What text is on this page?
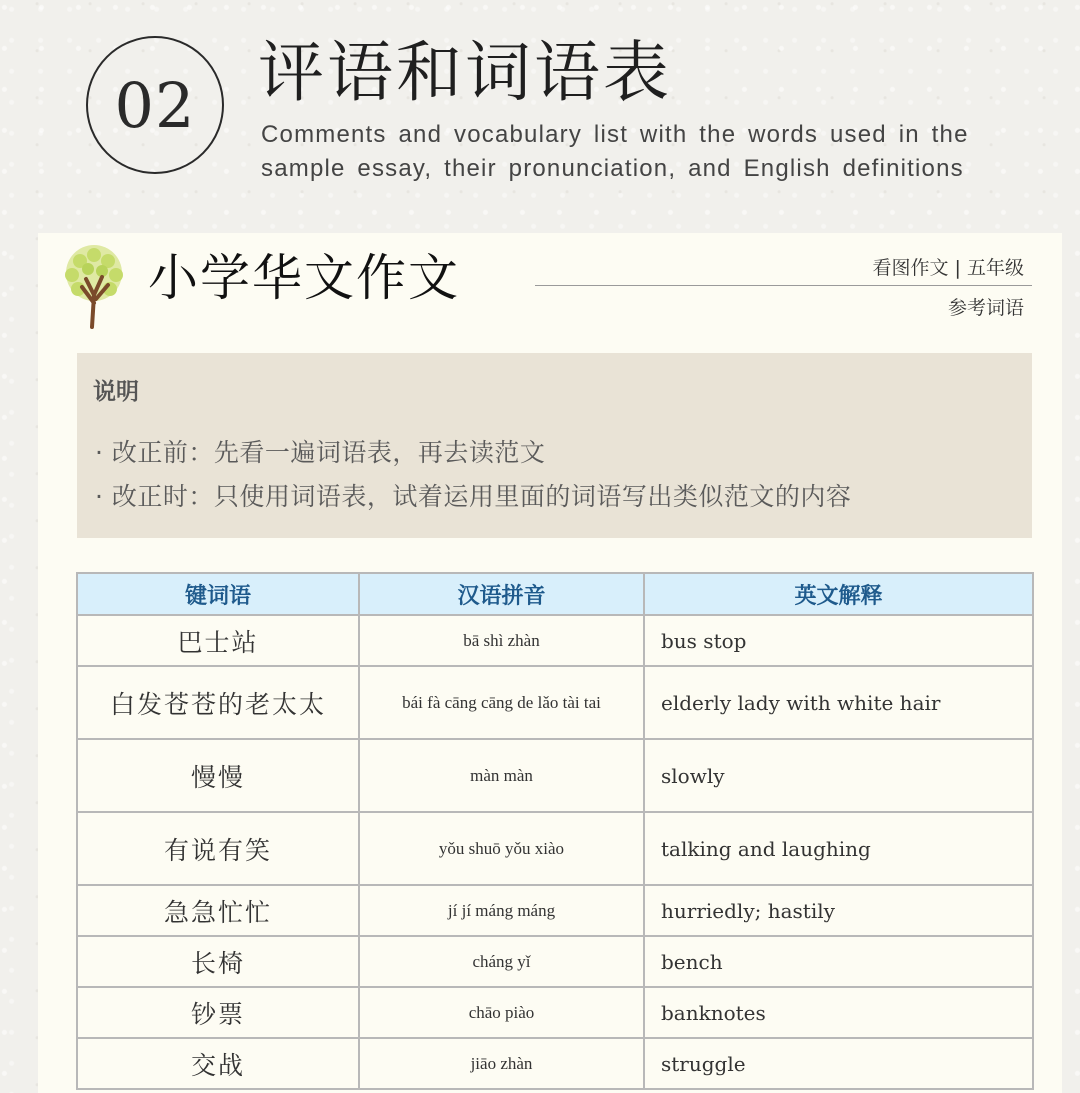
02 评语和词语表
Comments and vocabulary list with the words used in the sample essay, their pronunciation, and English definitions
小学华文作文	看图作文 | 五年级
参考词语
说明
· 改正前：先看一遍词语表，再去读范文
· 改正时：只使用词语表，试着运用里面的词语写出类似范文的内容
键词语	汉语拼音	英文解释
巴士站	bā shì zhàn	bus stop
白发苍苍的老太太	bái fà cāng cāng de lǎo tài tai	elderly lady with white hair
慢慢	màn màn	slowly
有说有笑	yǒu shuō yǒu xiào	talking and laughing
急急忙忙	jí jí máng máng	hurriedly; hastily
长椅	cháng yǐ	bench
钞票	chāo piào	banknotes
交战	jiāo zhàn	struggle
